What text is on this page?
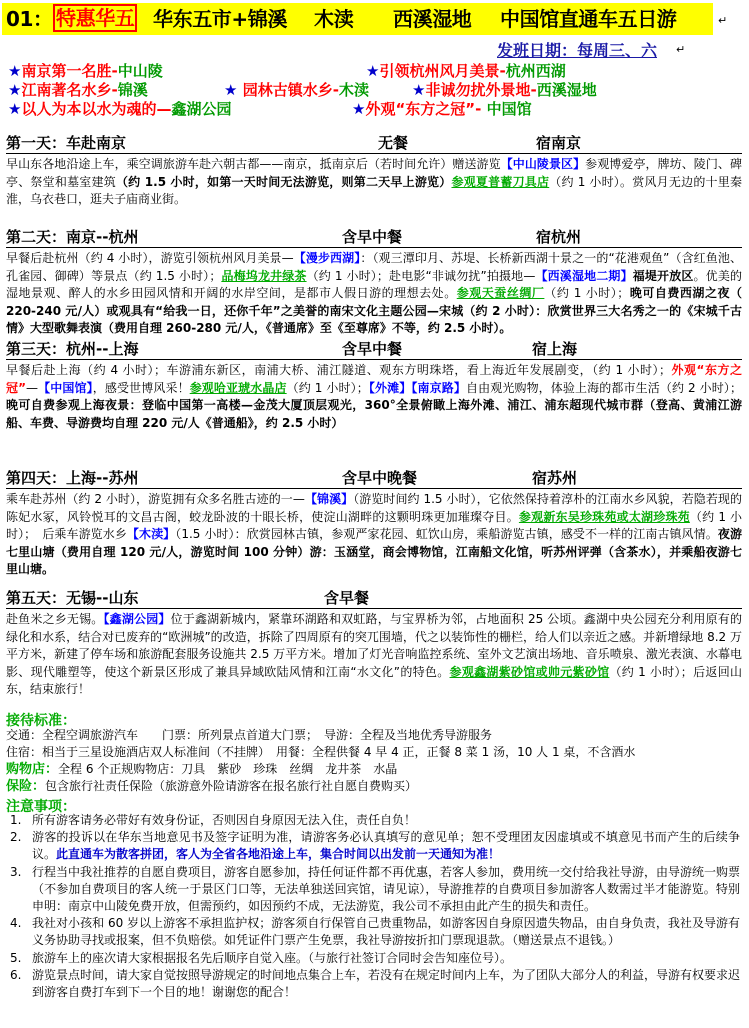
01： 特惠华五 华东五市+锦溪 木渎 西溪湿地 中国馆直通车五日游	↵
发班日期：每周三、六 ↵
★南京第一名胜-中山陵	★引领杭州风月美景-杭州西湖
★江南著名水乡-锦溪	★ 园林古镇水乡-木渎	★非诚勿扰外景地-西溪湿地
★以人为本以水为魂的—鑫湖公园	★外观“东方之冠”- 中国馆
第一天：车赴南京	无餐	宿南京
早山东各地沿途上车，乘空调旅游车赴六朝古都——南京，抵南京后（若时间允许）赠送游览【中山陵景区】参观博爱亭，牌坊、陵门、碑亭、祭堂和墓室建筑（约 1.5 小时，如第一天时间无法游览，则第二天早上游览）参观夏普蓄刀具店（约 1 小时）。赏风月无边的十里秦淮，乌衣巷口，逛夫子庙商业街。
第二天：南京--杭州	含早中餐	宿杭州
早餐后赴杭州（约 4 小时），游览引领杭州风月美景—【漫步西湖】：（观三潭印月、苏堤、长桥新西湖十景之一的“花港观鱼”（含红鱼池、孔雀园、御碑）等景点（约 1.5 小时）；品梅坞龙井绿茶（约 1 小时）；赴电影“非诚勿扰”拍摄地—【西溪湿地二期】福堤开放区。优美的湿地景观、醉人的水乡田园风情和开阔的水岸空间，是都市人假日游的理想去处。参观天蚕丝绸厂（约 1 小时）；晚可自费西湖之夜（ 220-240 元/人）或观具有“给我一日，还你千年”之美誉的南宋文化主题公园—宋城（约 2 小时）：欣赏世界三大名秀之一的《宋城千古情》大型歌舞表演（费用自理 260-280 元/人，《普通席》至《至尊席》不等，约 2.5 小时）。
第三天：杭州--上海	含早中餐	宿上海
早餐后赴上海（约 4 小时）；车游浦东新区，南浦大桥、浦江隧道、观东方明珠塔，看上海近年发展剧变，（约 1 小时）；外观“东方之冠”—【中国馆】，感受世博风采！参观哈亚琥水晶店（约 1 小时）；【外滩】【南京路】自由观光购物，体验上海的都市生活（约 2 小时）；晚可自费参观上海夜景：登临中国第一高楼—金茂大厦顶层观光，360°全景俯瞰上海外滩、浦江、浦东超现代城市群（登高、黄浦江游船、车费、导游费均自理 220 元/人《普通船》，约 2.5 小时）
第四天：上海--苏州	含早中晚餐	宿苏州
乘车赴苏州（约 2 小时），游览拥有众多名胜古迹的一—【锦溪】（游览时间约 1.5 小时），它依然保持着淳朴的江南水乡风貌，若隐若现的陈妃水冢，风铃悦耳的文昌古阁，蛟龙卧波的十眼长桥，使淀山湖畔的这颗明珠更加璀璨夺目。参观新东吴珍珠苑或太湖珍珠苑（约 1 小时）；　后乘车游览水乡【木渎】（1.5 小时）：欣赏园林古镇，参观严家花园、虹饮山房，乘船游览古镇，感受不一样的江南古镇风情。夜游七里山塘（费用自理 120 元/人，游览时间 100 分钟）游：玉涵堂，商会博物馆，江南船文化馆，听苏州评弹（含茶水），并乘船夜游七里山塘。
第五天：无锡--山东	含早餐
赴鱼米之乡无锡。【鑫湖公园】位于鑫湖新城内，紧靠环湖路和双虹路，与宝界桥为邻，占地面积 25 公顷。鑫湖中央公园充分利用原有的绿化和水系，结合对已废弃的“欧洲城”的改造，拆除了四周原有的突兀围墙，代之以装饰性的栅栏，给人们以亲近之感。并新增绿地 8.2 万平方米，新建了停车场和旅游配套服务设施共 2.5 万平方米。增加了灯光音响监控系统、室外文艺演出场地、音乐喷泉、激光表演、水幕电影、现代雕塑等，使这个新景区形成了兼具异域欧陆风情和江南“水文化”的特色。参观鑫湖紫砂馆或帅元紫砂馆（约 1 小时）；后返回山东，结束旅行！
接待标准：
交通：全程空调旅游汽车　　门票：所列景点首道大门票；　导游：全程及当地优秀导游服务
住宿：相当于三星设施酒店双人标准间（不挂牌）　用餐：全程供餐 4 早 4 正，正餐 8 菜 1 汤，10 人 1 桌，不含酒水
购物店：全程 6 个正规购物店：刀具　紫砂　珍珠　丝绸　龙井茶　水晶
保险：包含旅行社责任保险（旅游意外险请游客在报名旅行社自愿自费购买）
注意事项：
1. 所有游客请务必带好有效身份证，否则因自身原因无法入住，责任自负！
2. 游客的投诉以在华东当地意见书及签字证明为准，请游客务必认真填写的意见单；恕不受理团友因虚填或不填意见书而产生的后续争议。此直通车为散客拼团，客人为全省各地沿途上车，集合时间以出发前一天通知为准！
3. 行程当中我社推荐的自愿自费项目，游客自愿参加，持任何证件都不再优惠，若客人参加，费用统一交付给我社导游，由导游统一购票（不参加自费项目的客人统一于景区门口等，无法单独送回宾馆，请见谅），导游推荐的自费项目参加游客人数需过半才能游览。特别申明：南京中山陵免费开放，但需预约，如因预约不成，无法游览，我公司不承担由此产生的损失和责任。
4. 我社对小孩和 60 岁以上游客不承担监护权；游客须自行保管自己贵重物品，如游客因自身原因遗失物品，由自身负责，我社及导游有义务协助寻找或报案，但不负赔偿。如凭证件门票产生免票，我社导游按折扣门票现退款。（赠送景点不退钱。）
5. 旅游车上的座次请大家根据报名先后顺序自觉入座。（与旅行社签订合同时会告知座位号）。
6. 游览景点时间，请大家自觉按照导游规定的时间地点集合上车，若没有在规定时间内上车，为了团队大部分人的利益，导游有权要求迟到游客自费打车到下一个目的地！谢谢您的配合！
